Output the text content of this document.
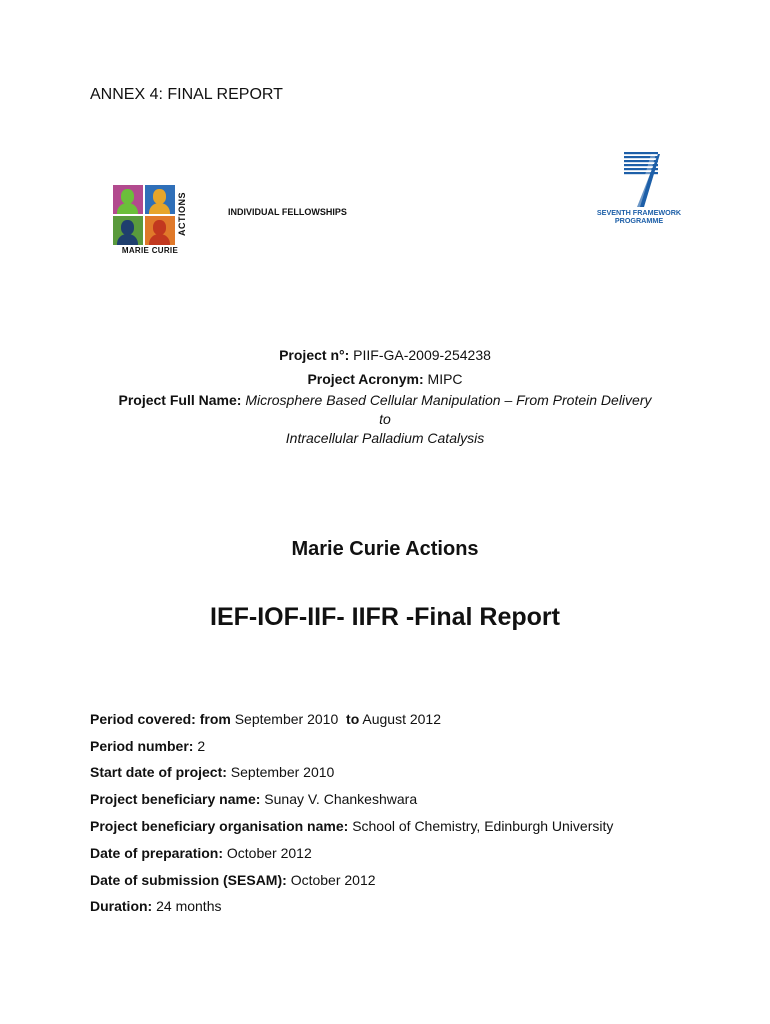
ANNEX 4: FINAL REPORT
ACTIONS
MARIE CURIE
INDIVIDUAL FELLOWSHIPS	SEVENTH FRAMEWORK
PROGRAMME
Project n°: PIIF-GA-2009-254238
Project Acronym: MIPC
Project Full Name: Microsphere Based Cellular Manipulation – From Protein Delivery
to
Intracellular Palladium Catalysis
Marie Curie Actions
IEF-IOF-IIF- IIFR -Final Report
Period covered: from September 2010 to August 2012
Period number: 2
Start date of project: September 2010
Project beneficiary name: Sunay V. Chankeshwara
Project beneficiary organisation name: School of Chemistry, Edinburgh University
Date of preparation: October 2012
Date of submission (SESAM): October 2012
Duration: 24 months
